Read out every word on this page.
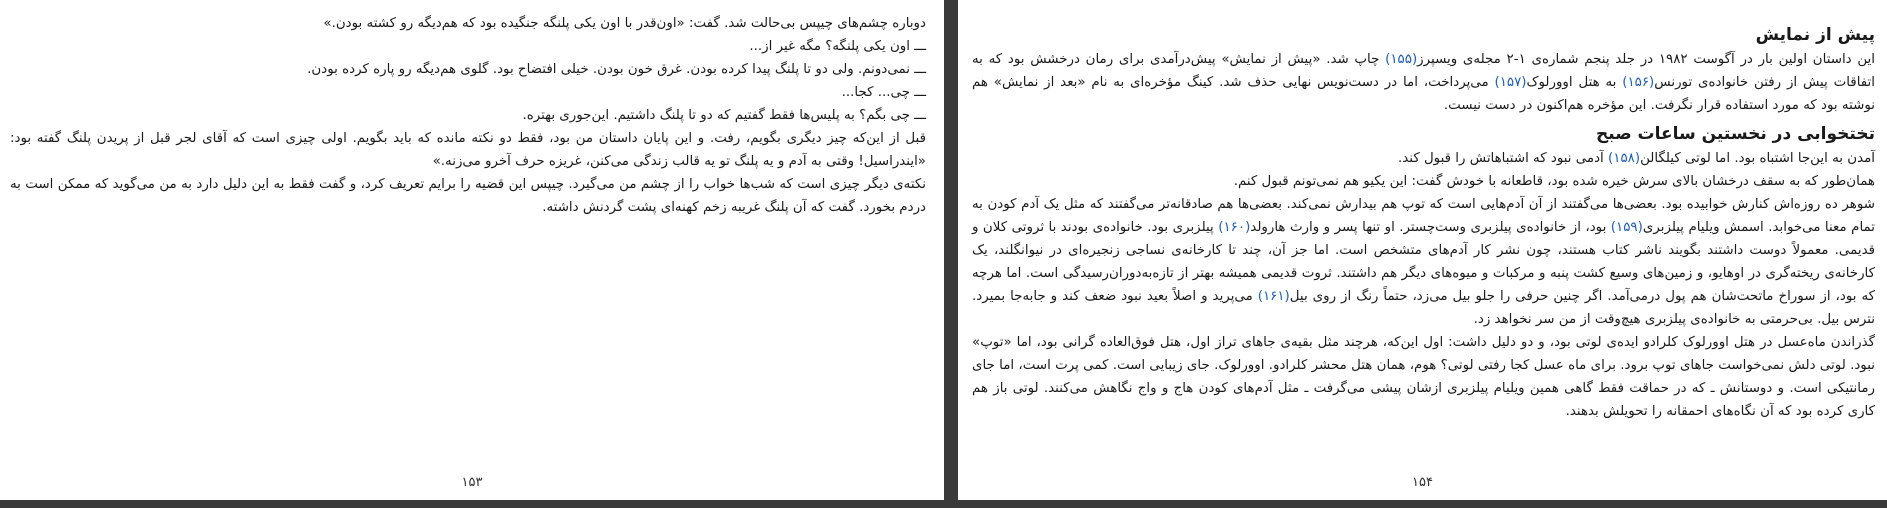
دوباره چشم‌های چیپس بی‌حالت شد. گفت: «اون‌قدر با اون یکی پلنگه جنگیده بود که هم‌دیگه رو کشته بودن.»

ـــ اون یکی پلنگه؟ مگه غیر از...

ـــ نمی‌دونم. ولی دو تا پلنگ پیدا کرده بودن. غرق خون بودن. خیلی افتضاح بود. گلوی هم‌دیگه رو پاره کرده بودن.

ـــ چی... کجا...

ـــ چی بگم؟ به پلیس‌ها فقط گفتیم که دو تا پلنگ داشتیم. این‌جوری بهتره.

قبل از این‌که چیز دیگری بگویم، رفت. و این پایان داستان من بود، فقط دو نکته مانده که باید بگویم. اولی چیزی است که آقای لجر قبل از پریدن پلنگ گفته بود: «ایندراسیل! وقتی به آدم و یه پلنگ تو یه قالب زندگی می‌کنن، غریزه حرف آخرو می‌زنه.»

نکته‌ی دیگر چیزی است که شب‌ها خواب را از چشم من می‌گیرد. چیپس این قضیه را برایم تعریف کرد، و گفت فقط به این دلیل دارد به من می‌گوید که ممکن است به دردم بخورد. گفت که آن پلنگ غریبه زخم کهنه‌ای پشت گردنش داشته.

۱۵۳
پیش از نمایش

این داستان اولین بار در آگوست ۱۹۸۲ در جلد پنجم شماره‌ی ۱-۲ مجله‌ی ویسپرز(۱۵۵) چاپ شد. «پیش از نمایش» پیش‌درآمدی برای رمان درخشش بود که به اتفاقات پیش از رفتن خانواده‌ی تورنس(۱۵۶) به هتل اوورلوک(۱۵۷) می‌پرداخت، اما در دست‌نویس نهایی حذف شد. کینگ مؤخره‌ای به نام «بعد از نمایش» هم نوشته بود که مورد استفاده قرار نگرفت. این مؤخره هم‌اکنون در دست نیست.

تختخوابی در نخستین ساعات صبح

آمدن به این‌جا اشتباه بود. اما لوتی کیلگالن(۱۵۸) آدمی نبود که اشتباهاتش را قبول کند.

همان‌طور که به سقف درخشان بالای سرش خیره شده بود، قاطعانه با خودش گفت: این یکیو هم نمی‌تونم قبول کنم.

شوهر ده روزه‌اش کنارش خوابیده بود. بعضی‌ها می‌گفتند از آن آدم‌هایی است که توپ هم بیدارش نمی‌کند. بعضی‌ها هم صادقانه‌تر می‌گفتند که مثل یک آدم کودن به تمام معنا می‌خوابد. اسمش ویلیام پیلزبری(۱۵۹) بود، از خانواده‌ی پیلزبری وست‌چستر. او تنها پسر و وارث هارولد(۱۶۰) پیلزبری بود. خانواده‌ی بودند با ثروتی کلان و قدیمی. معمولاً دوست داشتند بگویند ناشر کتاب هستند، چون نشر کار آدم‌های متشخص است. اما جز آن، چند تا کارخانه‌ی نساجی زنجیره‌ای در نیوانگلند، یک کارخانه‌ی ریخته‌گری در اوهایو، و زمین‌های وسیع کشت پنبه و مرکبات و میوه‌های دیگر هم داشتند. ثروت قدیمی همیشه بهتر از تازه‌به‌دوران‌رسیدگی است. اما هرچه که بود، از سوراخ ماتحت‌شان هم پول درمی‌آمد. اگر چنین حرفی را جلو بیل می‌زد، حتماً رنگ از روی بیل(۱۶۱) می‌پرید و اصلاً بعید نبود ضعف کند و جابه‌جا بمیرد. نترس بیل. بی‌حرمتی به خانواده‌ی پیلزبری هیچ‌وقت از من سر نخواهد زد.

گذراندن ماه‌عسل در هتل اوورلوک کلرادو ایده‌ی لوتی بود، و دو دلیل داشت: اول این‌که، هرچند مثل بقیه‌ی جاهای تراز اول، هتل فوق‌العاده گرانی بود، اما «توپ» نبود. لوتی دلش نمی‌خواست جاهای توپ برود. برای ماه عسل کجا رفتی لوتی؟ هوم، همان هتل محشر کلرادو. اوورلوک. جای زیبایی است. کمی پرت است، اما جای رمانتیکی است. و دوستانش ـ که در حماقت فقط گاهی همین ویلیام پیلزبری ازشان پیشی می‌گرفت ـ مثل آدم‌های کودن هاج و واج نگاهش می‌کنند. لوتی باز هم کاری کرده بود که آن نگاه‌های احمقانه را تحویلش بدهند.

۱۵۴
